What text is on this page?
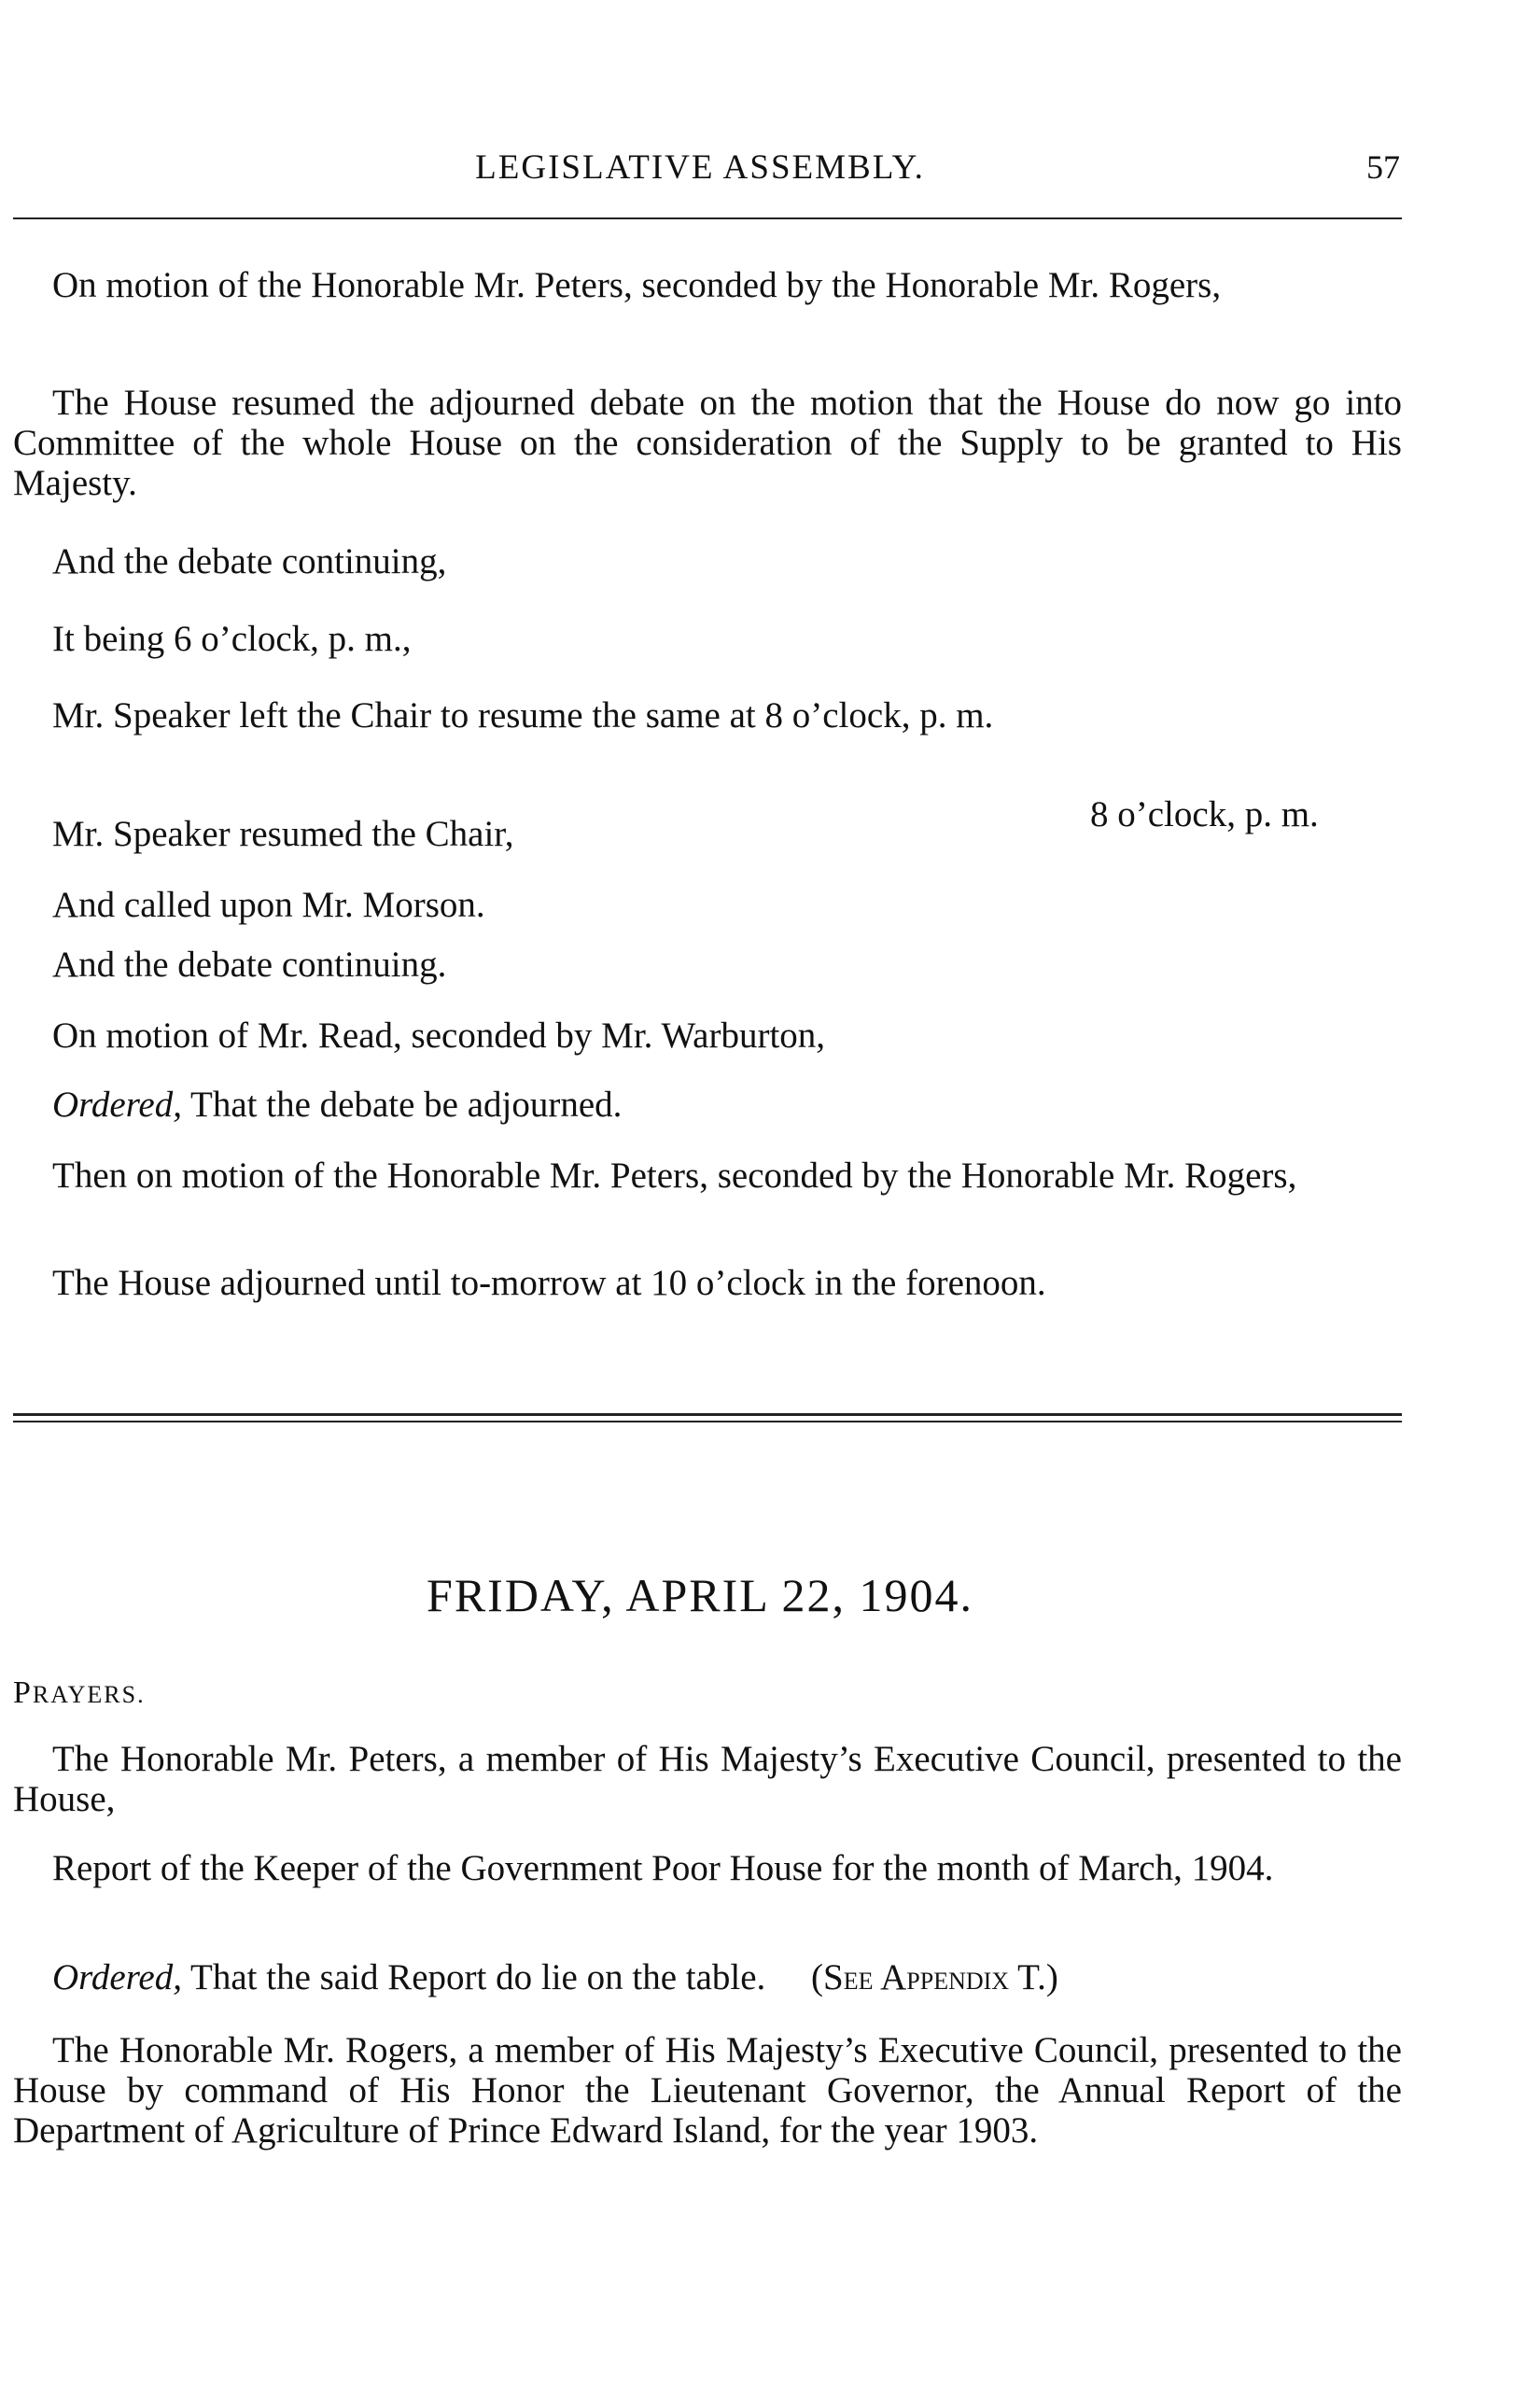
LEGISLATIVE ASSEMBLY.	57
On motion of the Honorable Mr. Peters, seconded by the Honorable Mr. Rogers,
The House resumed the adjourned debate on the motion that the House do now go into Committee of the whole House on the consideration of the Supply to be granted to His Majesty.
And the debate continuing,
It being 6 o’clock, p. m.,
Mr. Speaker left the Chair to resume the same at 8 o’clock, p. m.
8 o’clock, p. m.
Mr. Speaker resumed the Chair,
And called upon Mr. Morson.
And the debate continuing.
On motion of Mr. Read, seconded by Mr. Warburton,
Ordered, That the debate be adjourned.
Then on motion of the Honorable Mr. Peters, seconded by the Honorable Mr. Rogers,
The House adjourned until to-morrow at 10 o’clock in the forenoon.
FRIDAY, APRIL 22, 1904.
PRAYERS.
The Honorable Mr. Peters, a member of His Majesty’s Executive Council, presented to the House,
Report of the Keeper of the Government Poor House for the month of March, 1904.
Ordered, That the said Report do lie on the table.     (SEE APPENDIX T.)
The Honorable Mr. Rogers, a member of His Majesty’s Executive Council, presented to the House by command of His Honor the Lieutenant Governor, the Annual Report of the Department of Agriculture of Prince Edward Island, for the year 1903.
